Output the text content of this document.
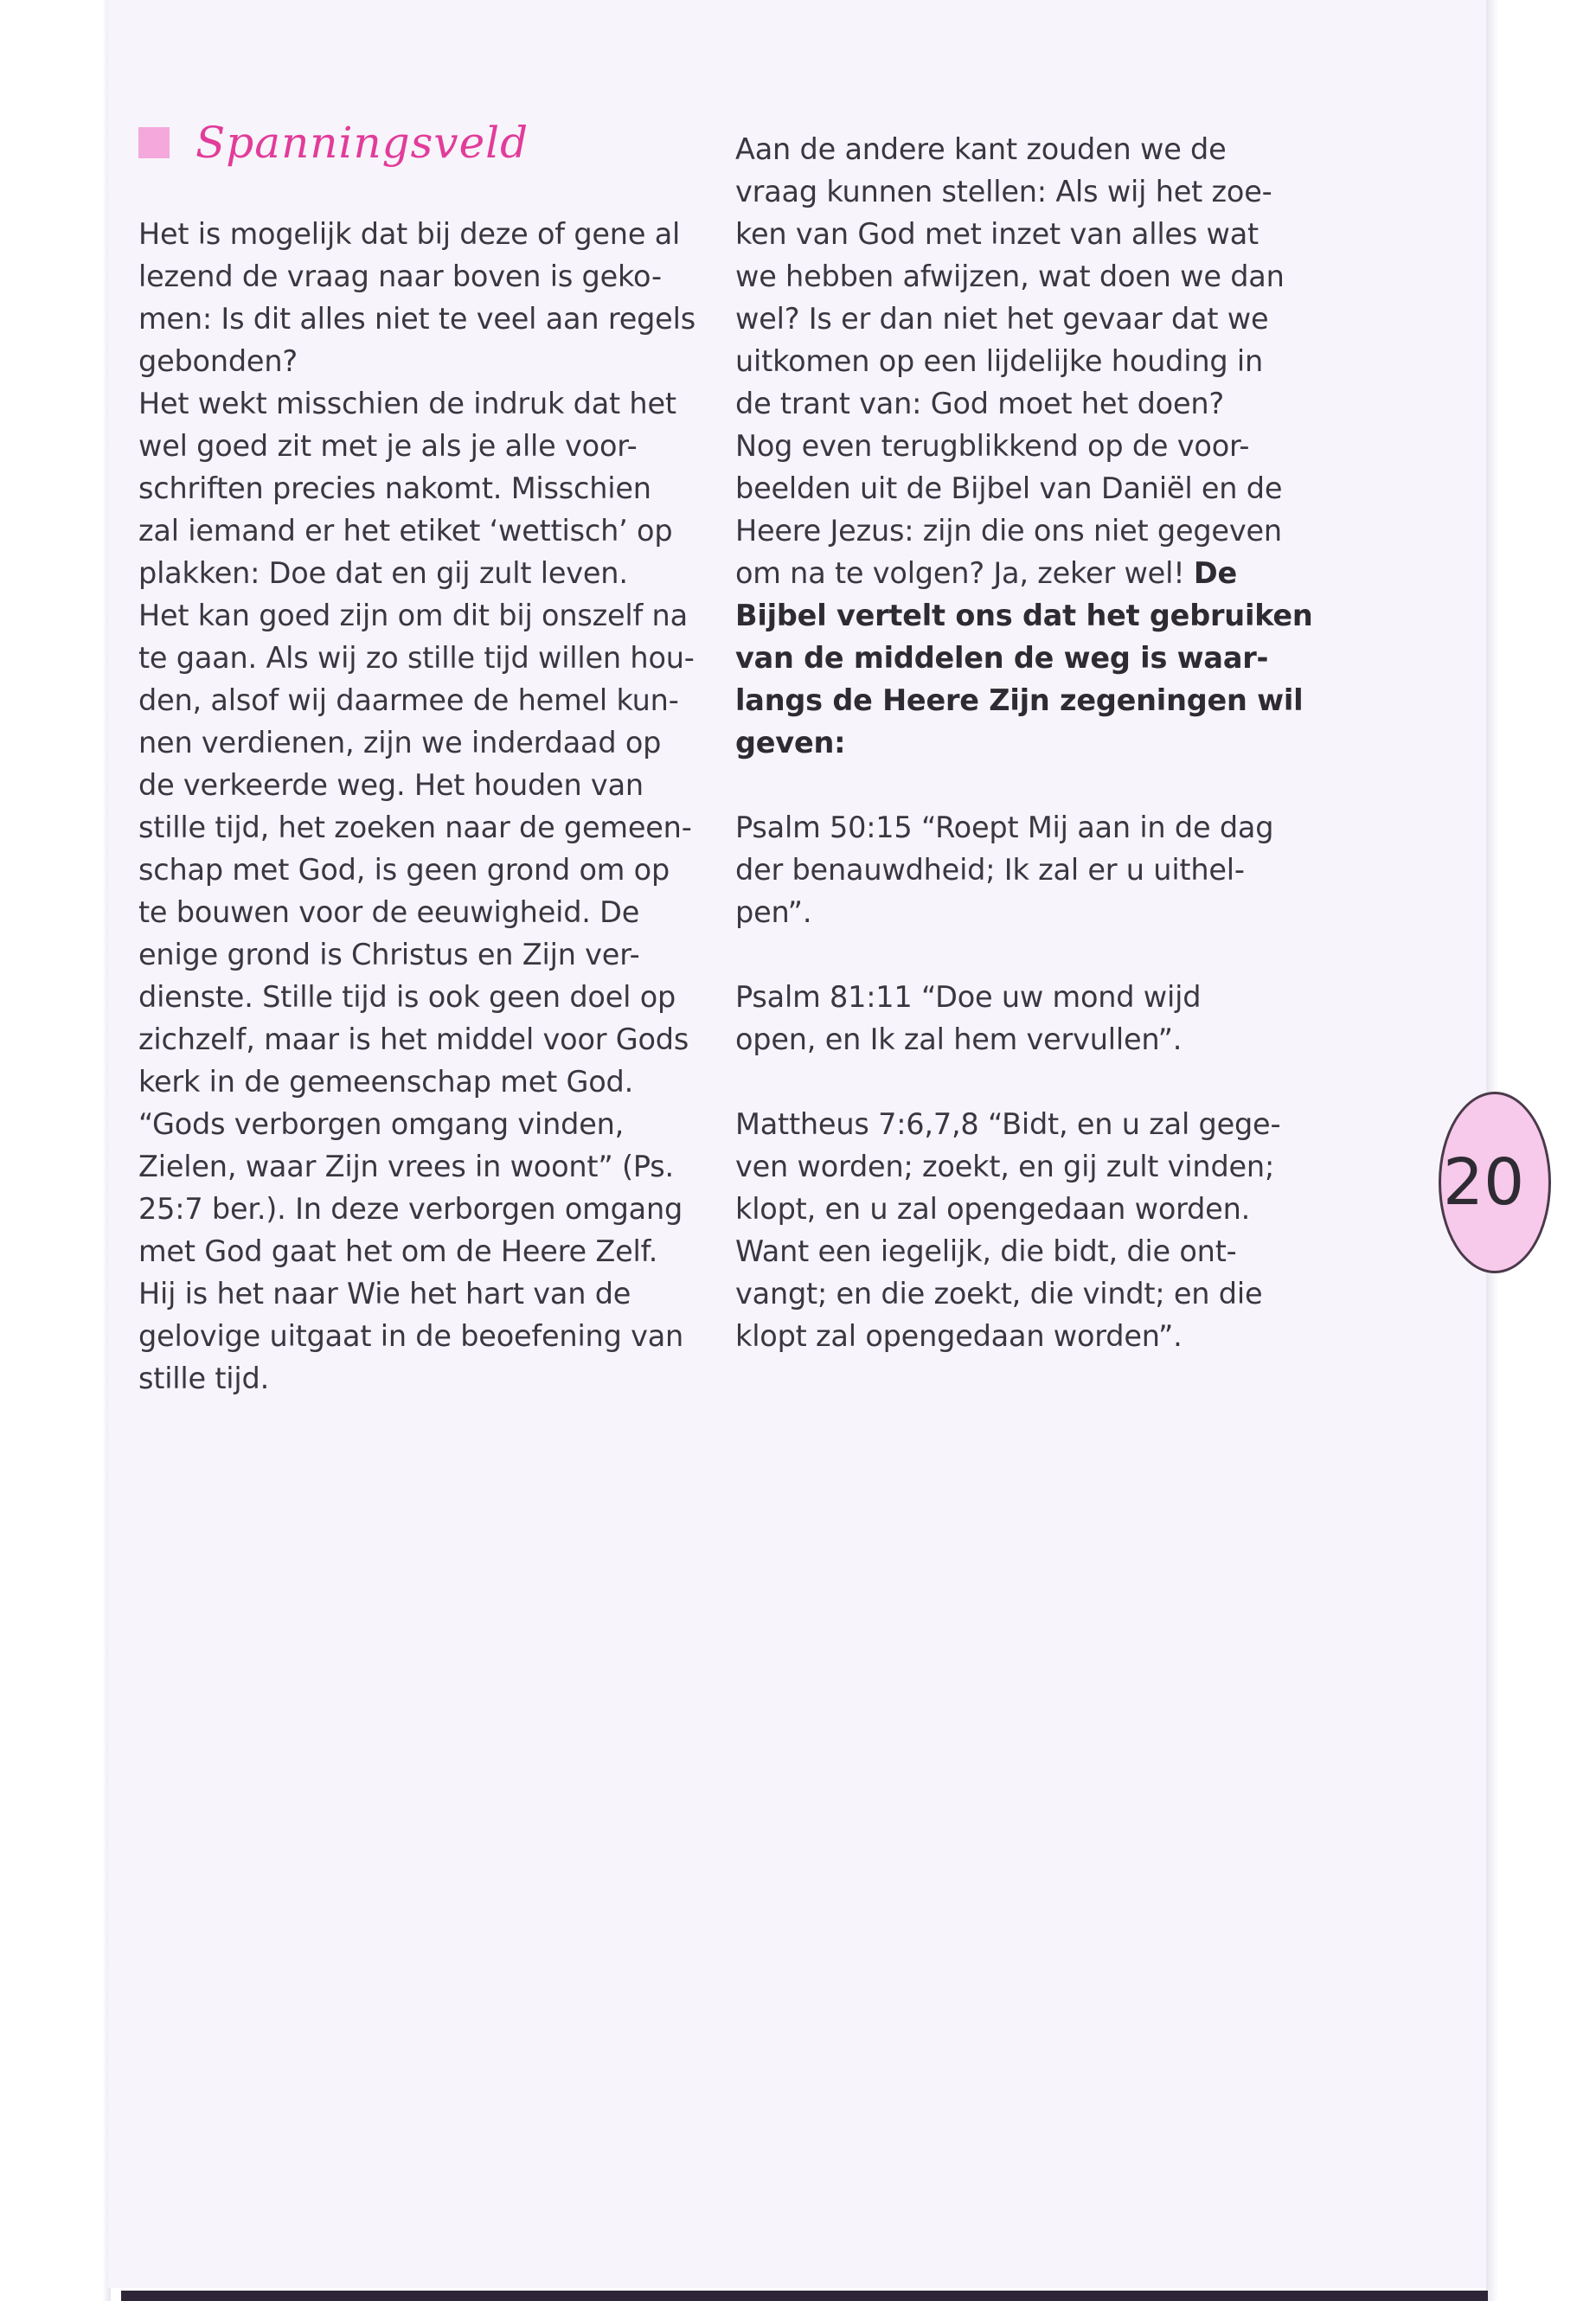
Spanningsveld
Het is mogelijk dat bij deze of gene al
lezend de vraag naar boven is geko-
men: Is dit alles niet te veel aan regels
gebonden?
Het wekt misschien de indruk dat het
wel goed zit met je als je alle voor-
schriften precies nakomt. Misschien
zal iemand er het etiket ‘wettisch’ op
plakken: Doe dat en gij zult leven.
Het kan goed zijn om dit bij onszelf na
te gaan. Als wij zo stille tijd willen hou-
den, alsof wij daarmee de hemel kun-
nen verdienen, zijn we inderdaad op
de verkeerde weg. Het houden van
stille tijd, het zoeken naar de gemeen-
schap met God, is geen grond om op
te bouwen voor de eeuwigheid. De
enige grond is Christus en Zijn ver-
dienste. Stille tijd is ook geen doel op
zichzelf, maar is het middel voor Gods
kerk in de gemeenschap met God.
“Gods verborgen omgang vinden,
Zielen, waar Zijn vrees in woont” (Ps.
25:7 ber.). In deze verborgen omgang
met God gaat het om de Heere Zelf.
Hij is het naar Wie het hart van de
gelovige uitgaat in de beoefening van
stille tijd.
Aan de andere kant zouden we de
vraag kunnen stellen: Als wij het zoe-
ken van God met inzet van alles wat
we hebben afwijzen, wat doen we dan
wel? Is er dan niet het gevaar dat we
uitkomen op een lijdelijke houding in
de trant van: God moet het doen?
Nog even terugblikkend op de voor-
beelden uit de Bijbel van Daniël en de
Heere Jezus: zijn die ons niet gegeven
om na te volgen? Ja, zeker wel! De
Bijbel vertelt ons dat het gebruiken
van de middelen de weg is waar-
langs de Heere Zijn zegeningen wil
geven:
Psalm 50:15 “Roept Mij aan in de dag
der benauwdheid; Ik zal er u uithel-
pen”.
Psalm 81:11 “Doe uw mond wijd
open, en Ik zal hem vervullen”.
Mattheus 7:6,7,8 “Bidt, en u zal gege-
ven worden; zoekt, en gij zult vinden;
klopt, en u zal opengedaan worden.
Want een iegelijk, die bidt, die ont-
vangt; en die zoekt, die vindt; en die
klopt zal opengedaan worden”.
20
